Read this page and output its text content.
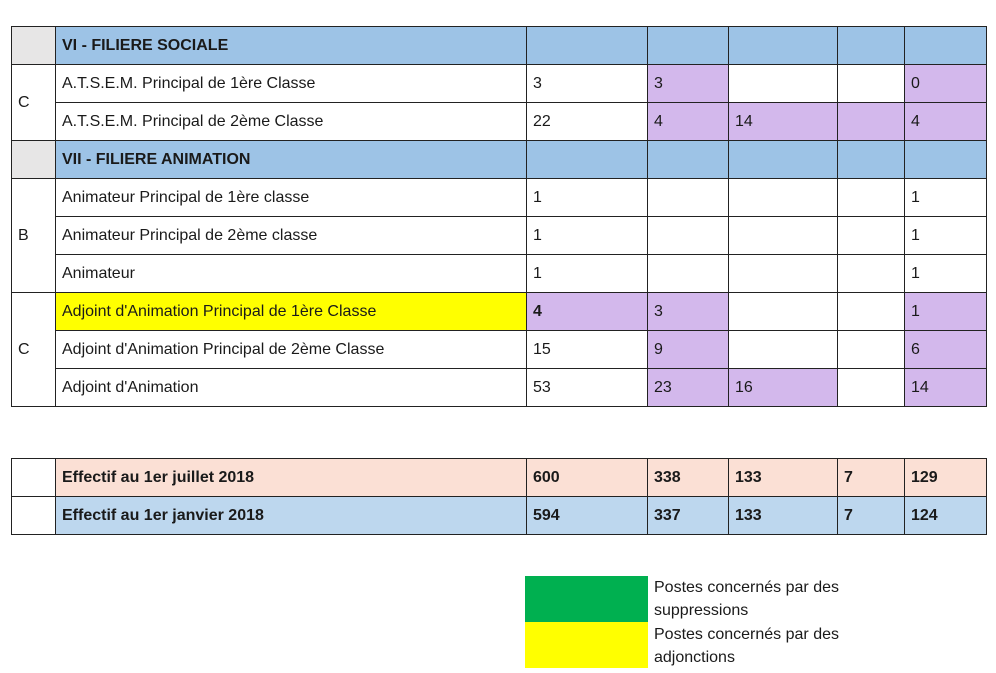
	VI - FILIERE SOCIALE					
C	A.T.S.E.M. Principal de 1ère Classe	3	3			0
	A.T.S.E.M. Principal de 2ème Classe	22	4	14		4
	VII - FILIERE ANIMATION					
B	Animateur Principal de 1ère classe	1				1
	Animateur Principal de 2ème classe	1				1
	Animateur	1				1
C	Adjoint d'Animation Principal de 1ère Classe	4	3			1
	Adjoint d'Animation Principal de 2ème Classe	15	9			6
	Adjoint d'Animation	53	23	16		14
	Effectif au 1er juillet 2018	600	338	133	7	129
	Effectif au 1er janvier 2018	594	337	133	7	124
Postes concernés par des suppressions
Postes concernés par des adjonctions
